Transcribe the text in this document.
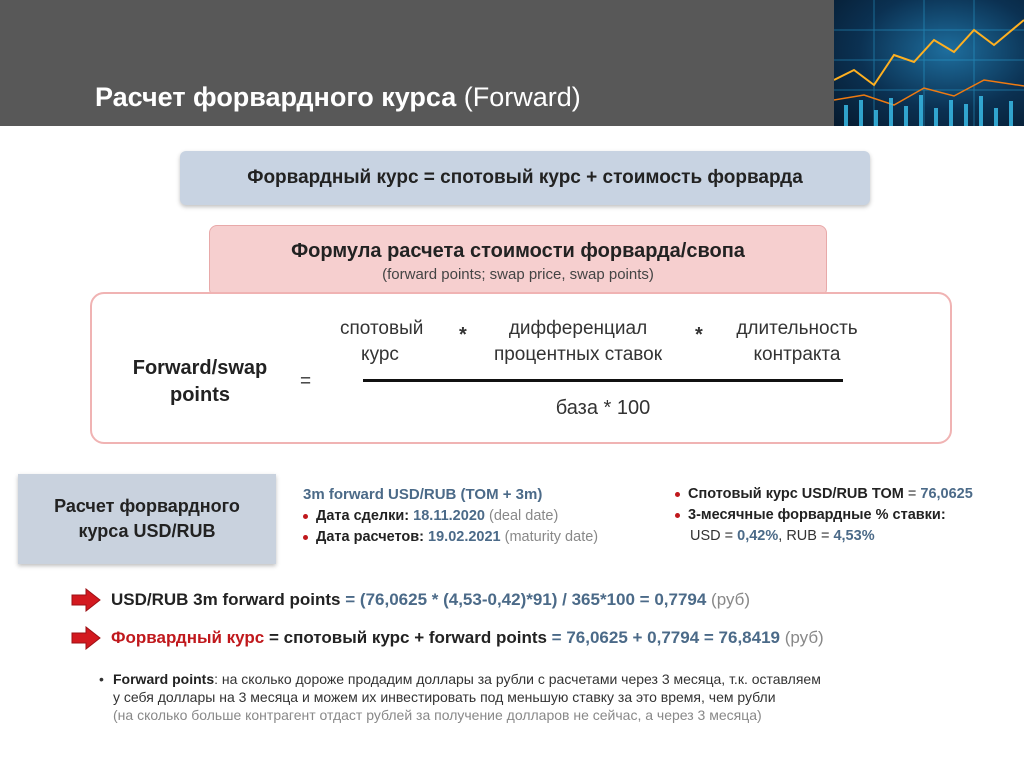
Расчет форвардного курса (Forward)
Форвардный курс = спотовый курс + стоимость форварда
Формула расчета стоимости форварда/свопа
(forward points; swap price, swap points)
Forward/swap
points
=
спотовый
курс
*	дифференциал
процентных ставок
*	длительность
контракта
база * 100
Расчет форвардного
курса USD/RUB
3m forward USD/RUB (TOM + 3m)
Дата сделки:
18.11.2020
(deal date)
Дата расчетов:
19.02.2021
(maturity date)
Спотовый курс USD/RUB TOM = 76,0625
3-месячные форвардные % ставки:
USD = 0,42%, RUB = 4,53%
USD/RUB 3m forward points = (76,0625 * (4,53-0,42)*91) / 365*100 = 0,7794 (руб)
Форвардный курс = спотовый курс + forward points = 76,0625 + 0,7794 = 76,8419 (руб)
• Forward points: на сколько дороже продадим доллары за рубли с расчетами через 3 месяца, т.к. оставляем

у себя доллары на 3 месяца и можем их инвестировать под меньшую ставку за это время, чем рубли
(на сколько больше контрагент отдаст рублей за получение долларов не сейчас, а через 3 месяца)
